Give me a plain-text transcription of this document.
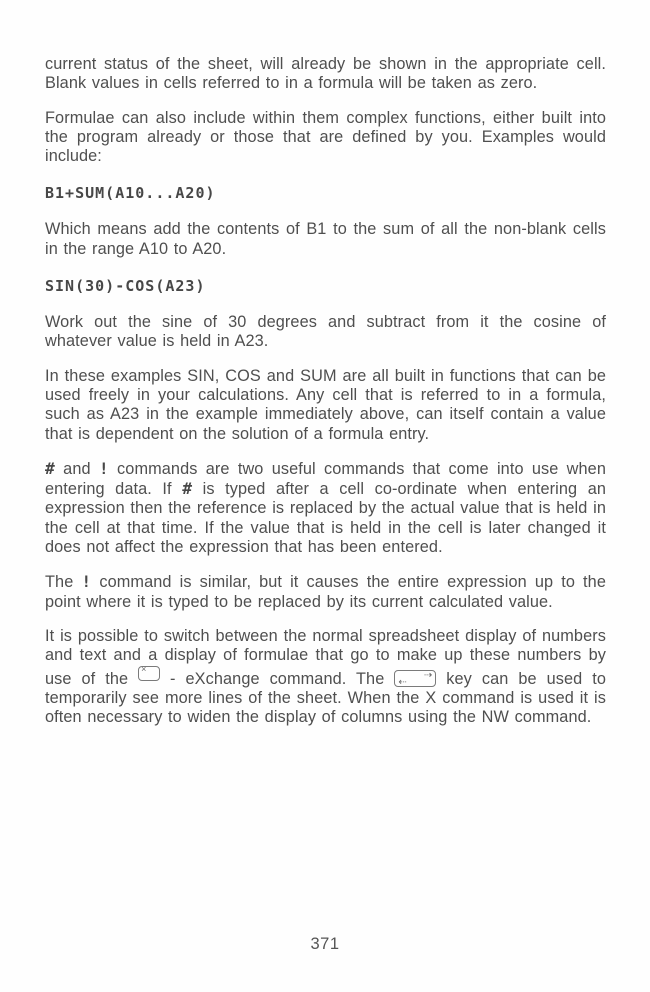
current status of the sheet, will already be shown in the appropriate cell. Blank values in cells referred to in a formula will be taken as zero.

Formulae can also include within them complex functions, either built into the program already or those that are defined by you. Examples would include:

B1+SUM(A10...A20)

Which means add the contents of B1 to the sum of all the non-blank cells in the range A10 to A20.

SIN(30)-COS(A23)

Work out the sine of 30 degrees and subtract from it the cosine of whatever value is held in A23.

In these examples SIN, COS and SUM are all built in functions that can be used freely in your calculations. Any cell that is referred to in a formula, such as A23 in the example immediately above, can itself contain a value that is dependent on the solution of a formula entry.

# and ! commands are two useful commands that come into use when entering data. If # is typed after a cell co-ordinate when entering an expression then the reference is replaced by the actual value that is held in the cell at that time. If the value that is held in the cell is later changed it does not affect the expression that has been entered.

The ! command is similar, but it causes the entire expression up to the point where it is typed to be replaced by its current calculated value.

It is possible to switch between the normal spreadsheet display of numbers and text and a display of formulae that go to make up these numbers by use of the
×
- eXchange command. The	⇢
⇠	key can be used to temporarily see more lines of the sheet. When the X command is used it is often necessary to widen the display of columns using the NW command.

371
